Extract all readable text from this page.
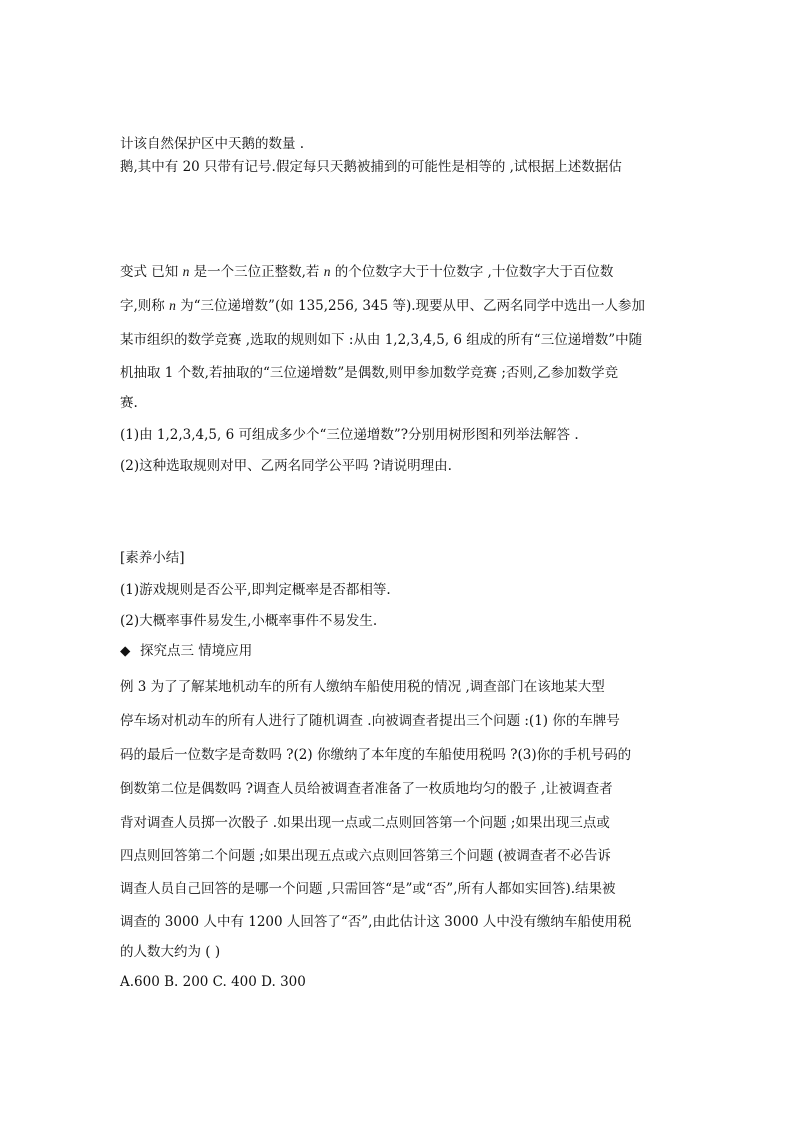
鹅,其中有 20 只带有记号.假定每只天鹅被捕到的可能性是相等的 ,试根据上述数据估
计该自然保护区中天鹅的数量 .
变式 已知 n 是一个三位正整数,若 n 的个位数字大于十位数字 ,十位数字大于百位数
字,则称 n 为“三位递增数”(如 135,256, 345 等).现要从甲、乙两名同学中选出一人参加
某市组织的数学竞赛 ,选取的规则如下 :从由 1,2,3,4,5, 6 组成的所有“三位递增数”中随
机抽取 1 个数,若抽取的“三位递增数”是偶数,则甲参加数学竞赛 ;否则,乙参加数学竞
赛.
(1)由 1,2,3,4,5, 6 可组成多少个“三位递增数”?分别用树形图和列举法解答 .
(2)这种选取规则对甲、乙两名同学公平吗 ?请说明理由.
[素养小结]
(1)游戏规则是否公平,即判定概率是否都相等.
(2)大概率事件易发生,小概率事件不易发生.
◆ 探究点三 情境应用
例 3 为了了解某地机动车的所有人缴纳车船使用税的情况 ,调查部门在该地某大型
停车场对机动车的所有人进行了随机调查 .向被调查者提出三个问题 :(1) 你的车牌号
码的最后一位数字是奇数吗 ?(2) 你缴纳了本年度的车船使用税吗 ?(3)你的手机号码的
倒数第二位是偶数吗 ?调查人员给被调查者准备了一枚质地均匀的骰子 ,让被调查者
背对调查人员掷一次骰子 .如果出现一点或二点则回答第一个问题 ;如果出现三点或
四点则回答第二个问题 ;如果出现五点或六点则回答第三个问题 (被调查者不必告诉
调查人员自己回答的是哪一个问题 ,只需回答“是”或“否”,所有人都如实回答).结果被
调查的 3000 人中有 1200 人回答了“否”,由此估计这 3000 人中没有缴纳车船使用税
的人数大约为 ( )
A.600 B. 200 C. 400 D. 300
